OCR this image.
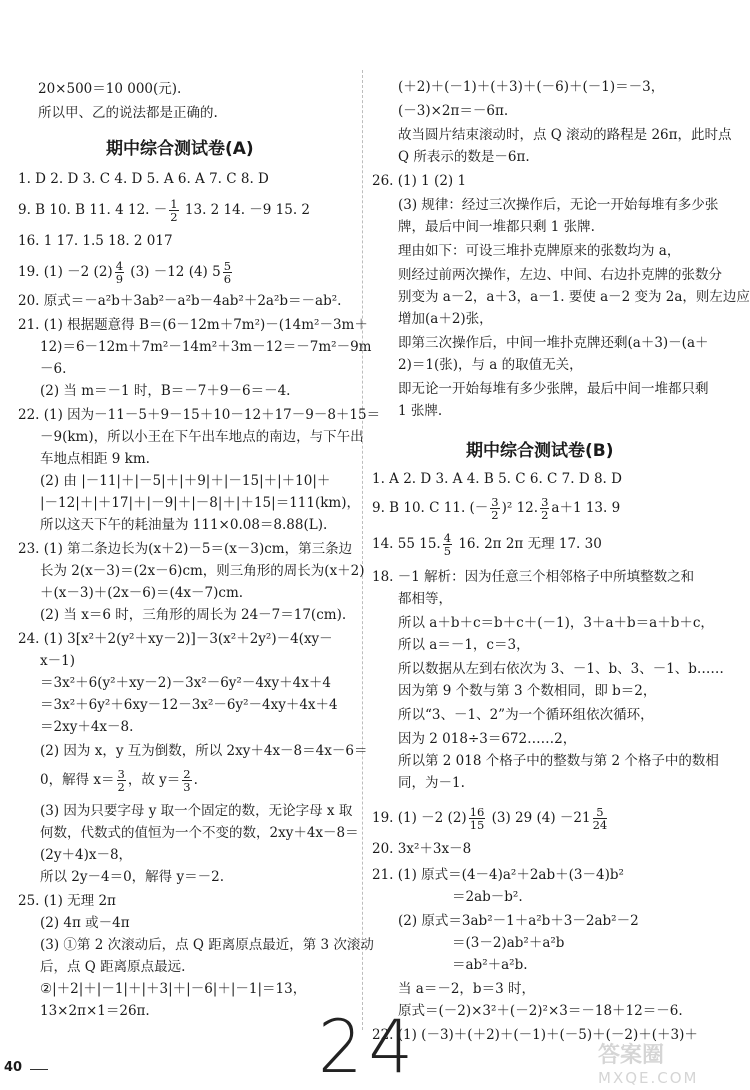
20×500＝10 000(元).
所以甲、乙的说法都是正确的.
期中综合测试卷(A)
1. D 2. D 3. C 4. D 5. A 6. A 7. C 8. D
9. B 10. B 11. 4 12. － $\frac{1}{2} 13$. 2 14. －9 15. 2
16. 1 17. 1.5 18. 2 017
19. (1) －2 $(2) \frac{4}{9} (3) -12$ (4) $5 \frac{5}{6}$
20. 原式＝－a²b＋3ab²－a²b－4ab²＋2a²b＝－ab².
21. (1) 根据题意得 B＝(6－12m＋7m²)－(14m²－3m＋
12)＝6－12m＋7m²－14m²＋3m－12＝－7m²－9m
－6.
(2) 当 m＝－1 时，B＝－7＋9－6＝－4.
22. (1) 因为－11－5＋9－15＋10－12＋17－9－8＋15＝
－9(km)，所以小王在下午出车地点的南边，与下午出
车地点相距 9 km.
(2) 由 |－11|＋|－5|＋|＋9|＋|－15|＋|＋10|＋
|－12|＋|＋17|＋|－9|＋|－8|＋|＋15|＝111(km)，
所以这天下午的耗油量为 111×0.08＝8.88(L).
23. (1) 第二条边长为(x＋2)－5＝(x－3)cm，第三条边
长为 2(x－3)＝(2x－6)cm，则三角形的周长为(x＋2)
＋(x－3)＋(2x－6)＝(4x－7)cm.
(2) 当 x＝6 时，三角形的周长为 24－7＝17(cm).
24. (1) 3[x²＋2(y²＋xy－2)]－3(x²＋2y²)－4(xy－
x－1)
＝3x²＋6(y²＋xy－2)－3x²－6y²－4xy＋4x＋4
＝3x²＋6y²＋6xy－12－3x²－6y²－4xy＋4x＋4
＝2xy＋4x－8.
(2) 因为 x，y 互为倒数，所以 2xy＋4x－8＝4x－6＝
0，解得 $x= \frac{3}{2}$ ，故 $y= \frac{2}{3}$ .
(3) 因为只要字母 y 取一个固定的数，无论字母 x 取
何数，代数式的值恒为一个不变的数，2xy＋4x－8＝
(2y＋4)x－8，
所以 2y－4＝0，解得 y＝－2.
25. (1) 无理 2π
(2) 4π 或－4π
(3) ①第 2 次滚动后，点 Q 距离原点最近，第 3 次滚动
后，点 Q 距离原点最远.
②|＋2|＋|－1|＋|＋3|＋|－6|＋|－1|＝13，
13×2π×1＝26π.
(＋2)＋(－1)＋(＋3)＋(－6)＋(－1)＝－3，
(－3)×2π＝－6π.
故当圆片结束滚动时，点 Q 滚动的路程是 26π，此时点
Q 所表示的数是－6π.
26. (1) 1 (2) 1
(3) 规律：经过三次操作后，无论一开始每堆有多少张
牌，最后中间一堆都只剩 1 张牌.
理由如下：可设三堆扑克牌原来的张数均为 a，
则经过前两次操作，左边、中间、右边扑克牌的张数分
别变为 a－2，a＋3，a－1. 要使 a－2 变为 2a，则左边应
增加(a＋2)张，
即第三次操作后，中间一堆扑克牌还剩(a＋3)－(a＋
2)＝1(张)，与 a 的取值无关，
即无论一开始每堆有多少张牌，最后中间一堆都只剩
1 张牌.
期中综合测试卷(B)
1. A 2. D 3. A 4. B 5. C 6. C 7. D 8. D
9. B 10. C 11. (－ $\frac{3}{2} )^2$ 12. $\frac{3}{2} a+1$ 13. 9
14. 55 15. $\frac{4}{5} 16$. 2π 2π 无理 17. 30
18. －1 解析：因为任意三个相邻格子中所填整数之和
都相等，
所以 a＋b＋c＝b＋c＋(－1)，3＋a＋b＝a＋b＋c，
所以 a＝－1，c＝3，
所以数据从左到右依次为 3、－1、b、3、－1、b……
因为第 9 个数与第 3 个数相同，即 b＝2，
所以“3、－1、2”为一个循环组依次循环，
因为 2 018÷3＝672……2，
所以第 2 018 个格子中的整数与第 2 个格子中的数相
同，为－1.
19. (1) －2 $(2) \frac{16}{15} (3)$ 29 $(4) -21 \frac{5}{24}$
20. 3x²＋3x－8
21. (1) 原式＝(4－4)a²＋2ab＋(3－4)b²
＝2ab－b².
(2) 原式＝3ab²－1＋a²b＋3－2ab²－2
＝(3－2)ab²＋a²b
＝ab²＋a²b.
当 a＝－2，b＝3 时，
原式＝(－2)×3²＋(－2)²×3＝－18＋12＝－6.
22. (1) (－3)＋(＋2)＋(－1)＋(－5)＋(－2)＋(＋3)＋
40	24	答案圈
MXQE.COM
